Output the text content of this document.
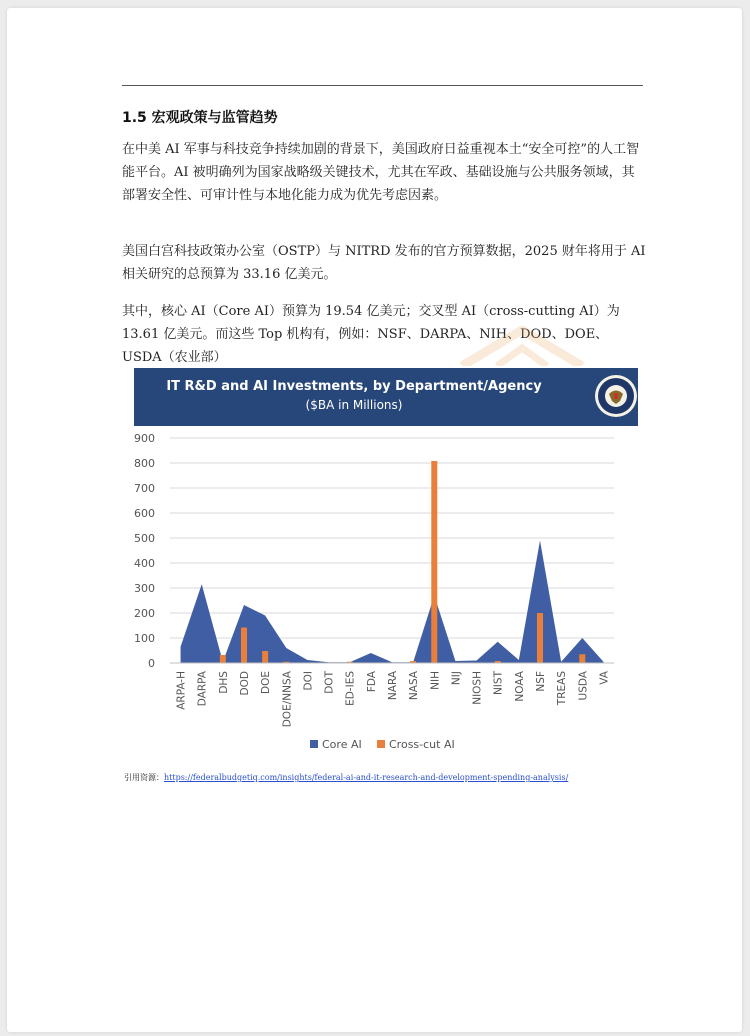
1.5 宏观政策与监管趋势

在中美 AI 军事与科技竞争持续加剧的背景下，美国政府日益重视本土“安全可控”的人工智能平台。AI 被明确列为国家战略级关键技术，尤其在军政、基础设施与公共服务领域，其部署安全性、可审计性与本地化能力成为优先考虑因素。

美国白宫科技政策办公室（OSTP）与 NITRD 发布的官方预算数据，2025 财年将用于 AI 相关研究的总预算为 33.16 亿美元。

其中，核心 AI（Core AI）预算为 19.54 亿美元；交叉型 AI（cross-cutting AI）为 13.61 亿美元。而这些 Top 机构有，例如：NSF、DARPA、NIH、DOD、DOE、USDA（农业部）

IT R&D and AI Investments, by Department/Agency
($BA in Millions)
0
100
200
300
400
500
600
700
800
900
ARPA-H DARPA DHS DOD DOE DOE/NNSA DOI DOT ED-IES FDA NARA NASA NIH NIJ NIOSH NIST NOAA NSF TREAS USDA VA
Core AI Cross-cut AI
引用资源：https://federalbudgetiq.com/insights/federal-ai-and-it-research-and-development-spending-analysis/
